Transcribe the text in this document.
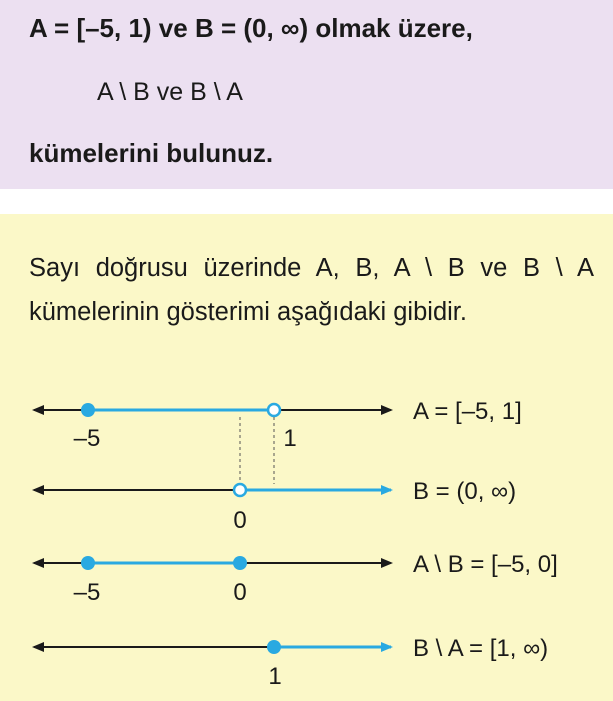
A = [–5, 1) ve B = (0, ∞) olmak üzere,
A \ B ve B \ A
kümelerini bulunuz.
Sayı doğrusu üzerinde A, B, A \ B ve B \ A kümelerinin gösterimi aşağıdaki gibidir.
–5	1
A = [–5, 1]
0
B = (0, ∞)
–5	0
A \ B = [–5, 0]
1
B \ A = [1, ∞)
